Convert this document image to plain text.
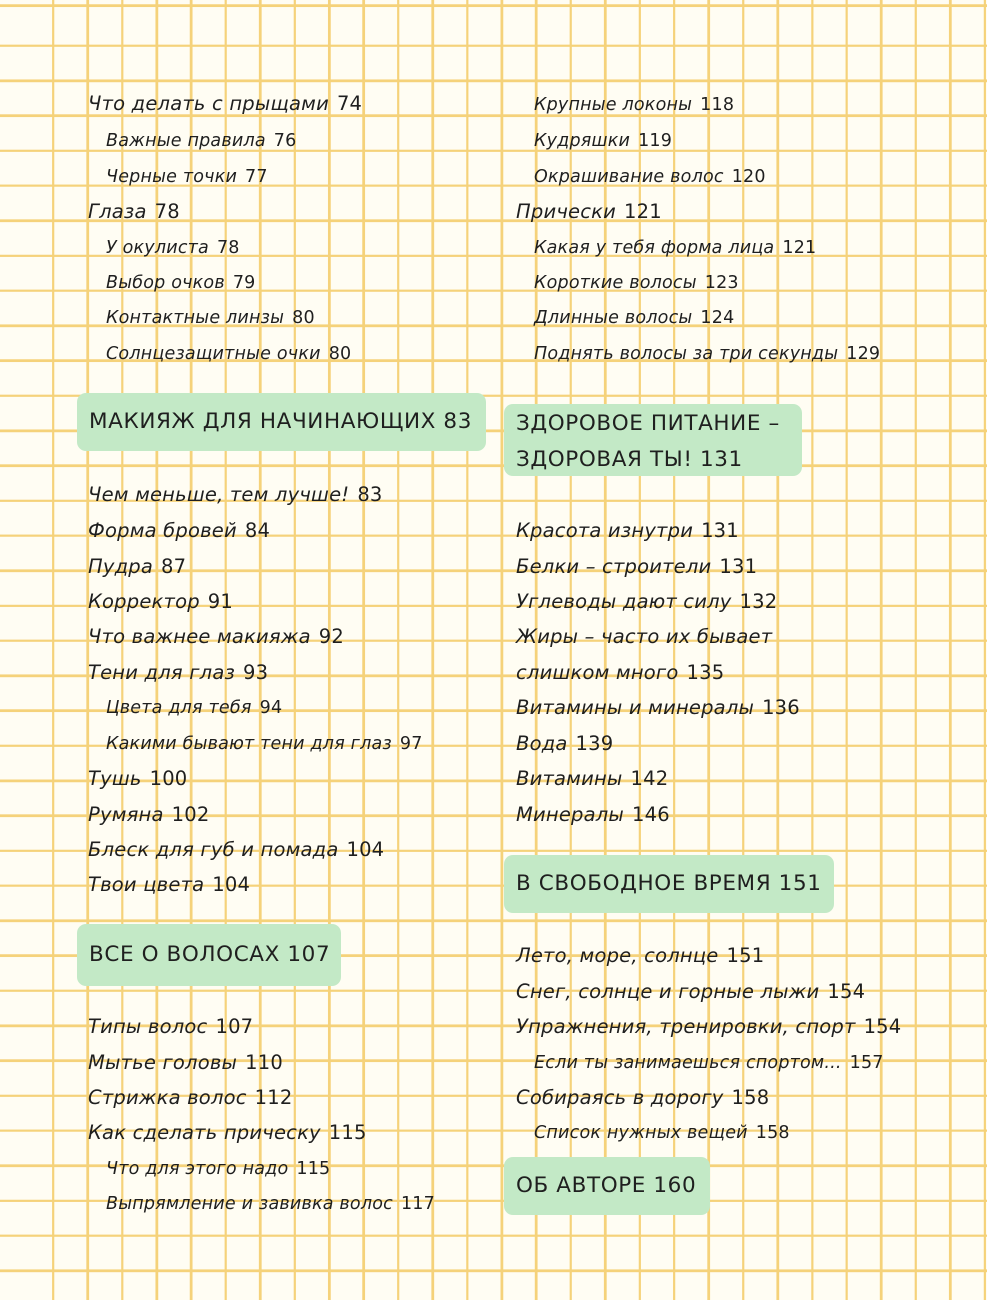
Что делать с прыщами 74
Важные правила 76
Черные точки 77
Глаза 78
У окулиста 78
Выбор очков 79
Контактные линзы 80
Солнцезащитные очки 80
МАКИЯЖ ДЛЯ НАЧИНАЮЩИХ 83
Чем меньше, тем лучше! 83
Форма бровей 84
Пудра 87
Корректор 91
Что важнее макияжа 92
Тени для глаз 93
Цвета для тебя 94
Какими бывают тени для глаз 97
Тушь 100
Румяна 102
Блеск для губ и помада 104
Твои цвета 104
ВСЕ О ВОЛОСАХ 107
Типы волос 107
Мытье головы 110
Стрижка волос 112
Как сделать прическу 115
Что для этого надо 115
Выпрямление и завивка волос 117
Крупные локоны 118
Кудряшки 119
Окрашивание волос 120
Прически 121
Какая у тебя форма лица 121
Короткие волосы 123
Длинные волосы 124
Поднять волосы за три секунды 129
ЗДОРОВОЕ ПИТАНИЕ –
ЗДОРОВАЯ ТЫ! 131
Красота изнутри 131
Белки – строители 131
Углеводы дают силу 132
Жиры – часто их бывает
слишком много 135
Витамины и минералы 136
Вода 139
Витамины 142
Минералы 146
В СВОБОДНОЕ ВРЕМЯ 151
Лето, море, солнце 151
Снег, солнце и горные лыжи 154
Упражнения, тренировки, спорт 154
Если ты занимаешься спортом... 157
Собираясь в дорогу 158
Список нужных вещей 158
ОБ АВТОРЕ 160
